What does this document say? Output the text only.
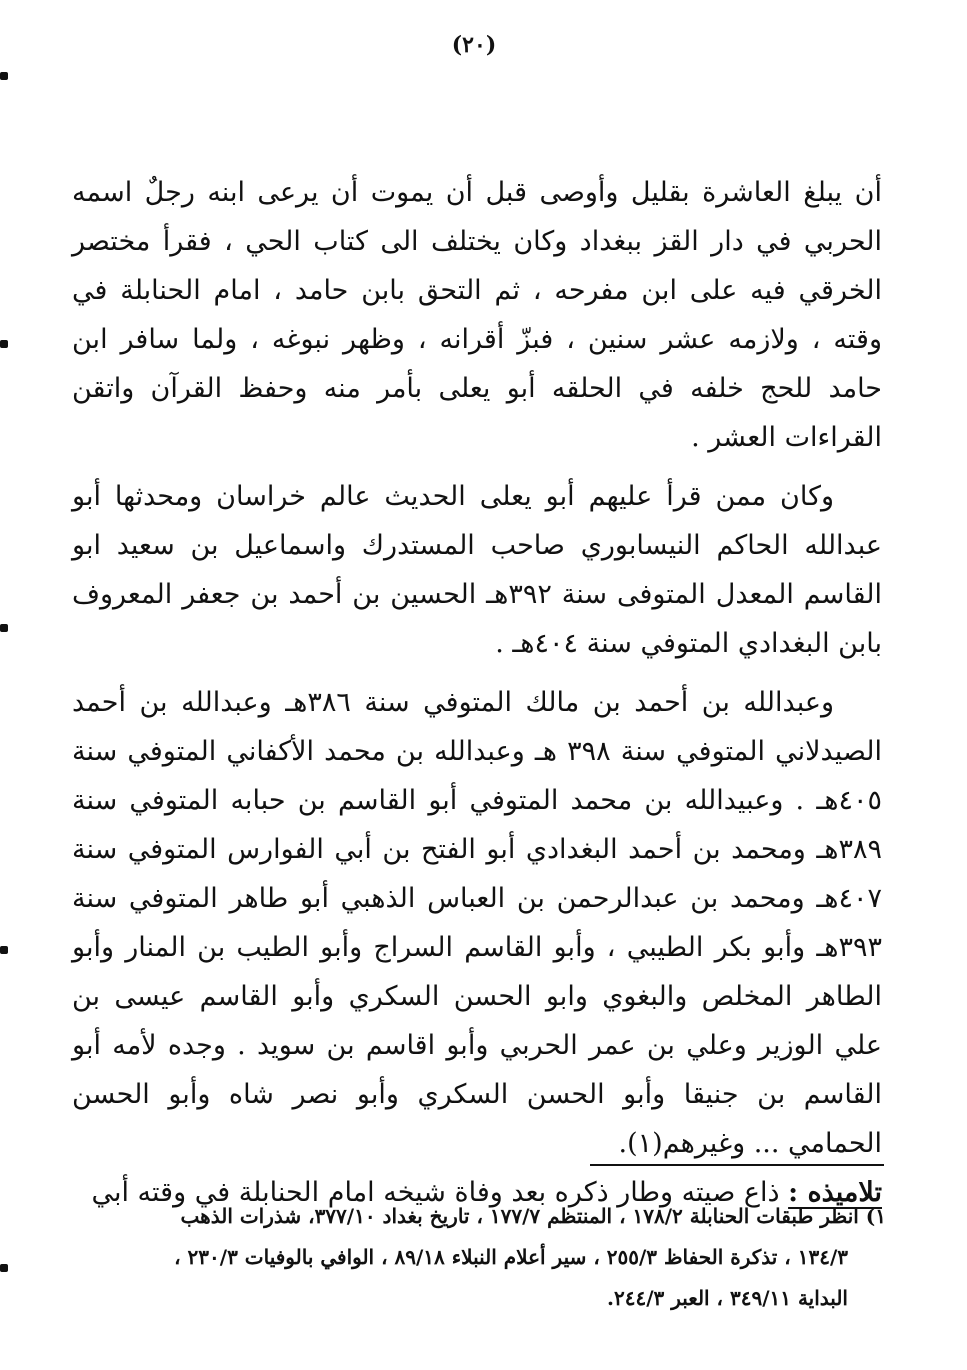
(٢٠)

أن يبلغ العاشرة بقليل وأوصى قبل أن يموت أن يرعى ابنه رجلٌ اسمه الحربي في دار القز ببغداد وكان يختلف الى كتاب الحي ، فقرأ مختصر الخرقي فيه على ابن مفرحه ، ثم التحق بابن حامد ، امام الحنابلة في وقته ، ولازمه عشر سنين ، فبزّ أقرانه ، وظهر نبوغه ، ولما سافر ابن حامد للحج خلفه في الحلقه أبو يعلى بأمر منه وحفظ القرآن واتقن القراءات العشر .

وكان ممن قرأ عليهم أبو يعلى الحديث عالم خراسان ومحدثها أبو عبدالله الحاكم النيسابوري صاحب المستدرك واسماعيل بن سعيد ابو القاسم المعدل المتوفى سنة ٣٩٢هـ الحسين بن أحمد بن جعفر المعروف بابن البغدادي المتوفي سنة ٤٠٤هـ .

وعبدالله بن أحمد بن مالك المتوفي سنة ٣٨٦هـ وعبدالله بن أحمد الصيدلاني المتوفي سنة ٣٩٨ هـ وعبدالله بن محمد الأكفاني المتوفي سنة ٤٠٥هـ . وعبيدالله بن محمد المتوفي أبو القاسم بن حبابه المتوفي سنة ٣٨٩هـ ومحمد بن أحمد البغدادي أبو الفتح بن أبي الفوارس المتوفي سنة ٤٠٧هـ ومحمد بن عبدالرحمن بن العباس الذهبي أبو طاهر المتوفي سنة ٣٩٣هـ وأبو بكر الطيبي ، وأبو القاسم السراج وأبو الطيب بن المنار وأبو الطاهر المخلص والبغوي وابو الحسن السكري وأبو القاسم عيسى بن علي الوزير وعلي بن عمر الحربي وأبو اقاسم بن سويد . وجده لأمه أبو القاسم بن جنيقا وأبو الحسن السكري وأبو نصر شاه وأبو الحسن الحمامي ... وغيرهم(١).

تلاميذه : ذاع صيته وطار ذكره بعد وفاة شيخه امام الحنابلة في وقته أبي

١) انظر طبقات الحنابلة ١٧٨/٢ ، المنتظم ١٧٧/٧ ، تاريخ بغداد ٣٧٧/١٠، شذرات الذهب

١٣٤/٣ ، تذكرة الحفاظ ٢٥٥/٣ ، سير أعلام النبلاء ٨٩/١٨ ، الوافي بالوفيات ٢٣٠/٣ ،

البداية ٣٤٩/١١ ، العبر ٢٤٤/٣.
